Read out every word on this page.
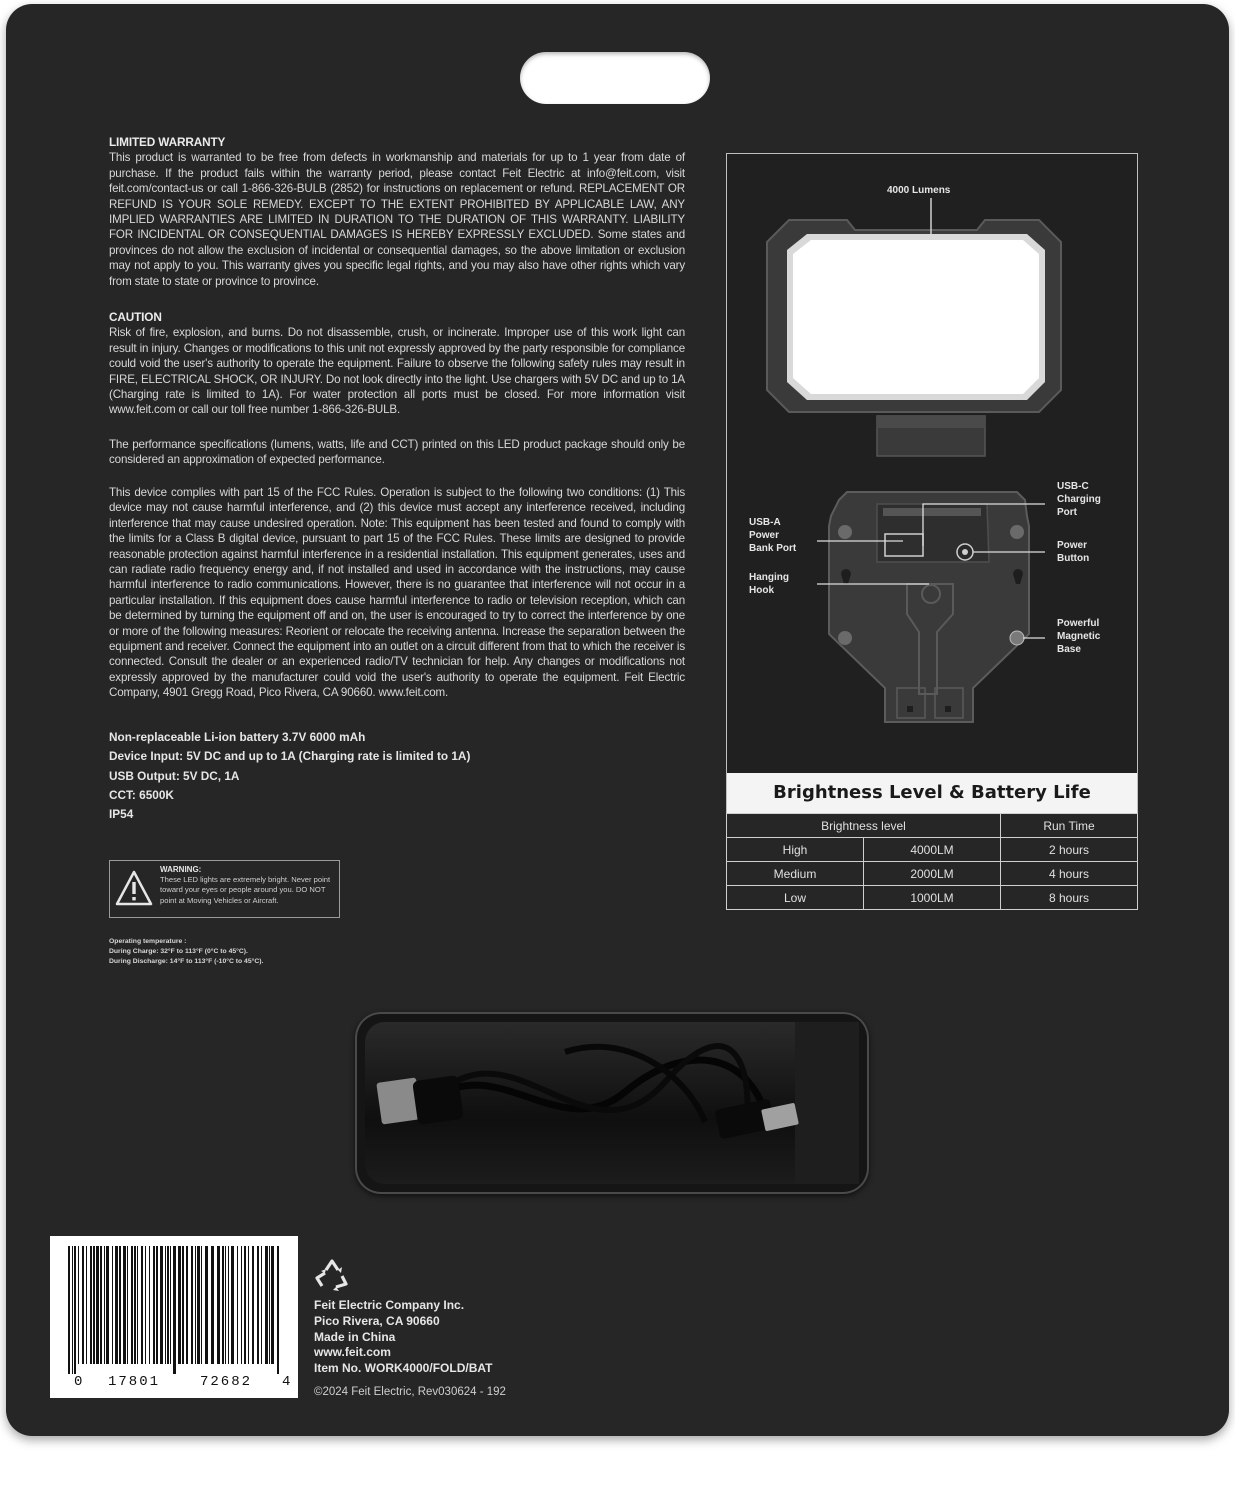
LIMITED WARRANTY
This product is warranted to be free from defects in workmanship and materials for up to 1 year from date of purchase. If the product fails within the warranty period, please contact Feit Electric at info@feit.com, visit feit.com/contact-us or call 1-866-326-BULB (2852) for instructions on replacement or refund. REPLACEMENT OR REFUND IS YOUR SOLE REMEDY. EXCEPT TO THE EXTENT PROHIBITED BY APPLICABLE LAW, ANY IMPLIED WARRANTIES ARE LIMITED IN DURATION TO THE DURATION OF THIS WARRANTY. LIABILITY FOR INCIDENTAL OR CONSEQUENTIAL DAMAGES IS HEREBY EXPRESSLY EXCLUDED. Some states and provinces do not allow the exclusion of incidental or consequential damages, so the above limitation or exclusion may not apply to you. This warranty gives you specific legal rights, and you may also have other rights which vary from state to state or province to province.
CAUTION
Risk of fire, explosion, and burns. Do not disassemble, crush, or incinerate. Improper use of this work light can result in injury. Changes or modifications to this unit not expressly approved by the party responsible for compliance could void the user's authority to operate the equipment. Failure to observe the following safety rules may result in FIRE, ELECTRICAL SHOCK, OR INJURY. Do not look directly into the light. Use chargers with 5V DC and up to 1A (Charging rate is limited to 1A). For water protection all ports must be closed. For more information visit www.feit.com or call our toll free number 1-866-326-BULB.
The performance specifications (lumens, watts, life and CCT) printed on this LED product package should only be considered an approximation of expected performance.
This device complies with part 15 of the FCC Rules. Operation is subject to the following two conditions: (1) This device may not cause harmful interference, and (2) this device must accept any interference received, including interference that may cause undesired operation. Note: This equipment has been tested and found to comply with the limits for a Class B digital device, pursuant to part 15 of the FCC Rules. These limits are designed to provide reasonable protection against harmful interference in a residential installation. This equipment generates, uses and can radiate radio frequency energy and, if not installed and used in accordance with the instructions, may cause harmful interference to radio communications. However, there is no guarantee that interference will not occur in a particular installation. If this equipment does cause harmful interference to radio or television reception, which can be determined by turning the equipment off and on, the user is encouraged to try to correct the interference by one or more of the following measures: Reorient or relocate the receiving antenna. Increase the separation between the equipment and receiver. Connect the equipment into an outlet on a circuit different from that to which the receiver is connected. Consult the dealer or an experienced radio/TV technician for help. Any changes or modifications not expressly approved by the manufacturer could void the user's authority to operate the equipment. Feit Electric Company, 4901 Gregg Road, Pico Rivera, CA 90660. www.feit.com.
Non-replaceable Li-ion battery 3.7V 6000 mAh
Device Input: 5V DC and up to 1A (Charging rate is limited to 1A)
USB Output: 5V DC, 1A
CCT: 6500K
IP54
WARNING:
These LED lights are extremely bright. Never point toward your eyes or people around you. DO NOT point at Moving Vehicles or Aircraft.
Operating temperature :
During Charge: 32°F to 113°F (0°C to 45°C).
During Discharge: 14°F to 113°F (-10°C to 45°C).
4000 Lumens
USB-C
Charging
Port
USB-A
Power
Bank Port	Power
Button
Hanging
Hook
Powerful
Magnetic
Base
Brightness Level & Battery Life
Brightness level		Run Time
High	4000LM	2 hours
Medium	2000LM	4 hours
Low	1000LM	8 hours
0 17801	72682 4
Feit Electric Company Inc.
Pico Rivera, CA 90660
Made in China
www.feit.com
Item No. WORK4000/FOLD/BAT
©2024 Feit Electric, Rev030624 - 192
